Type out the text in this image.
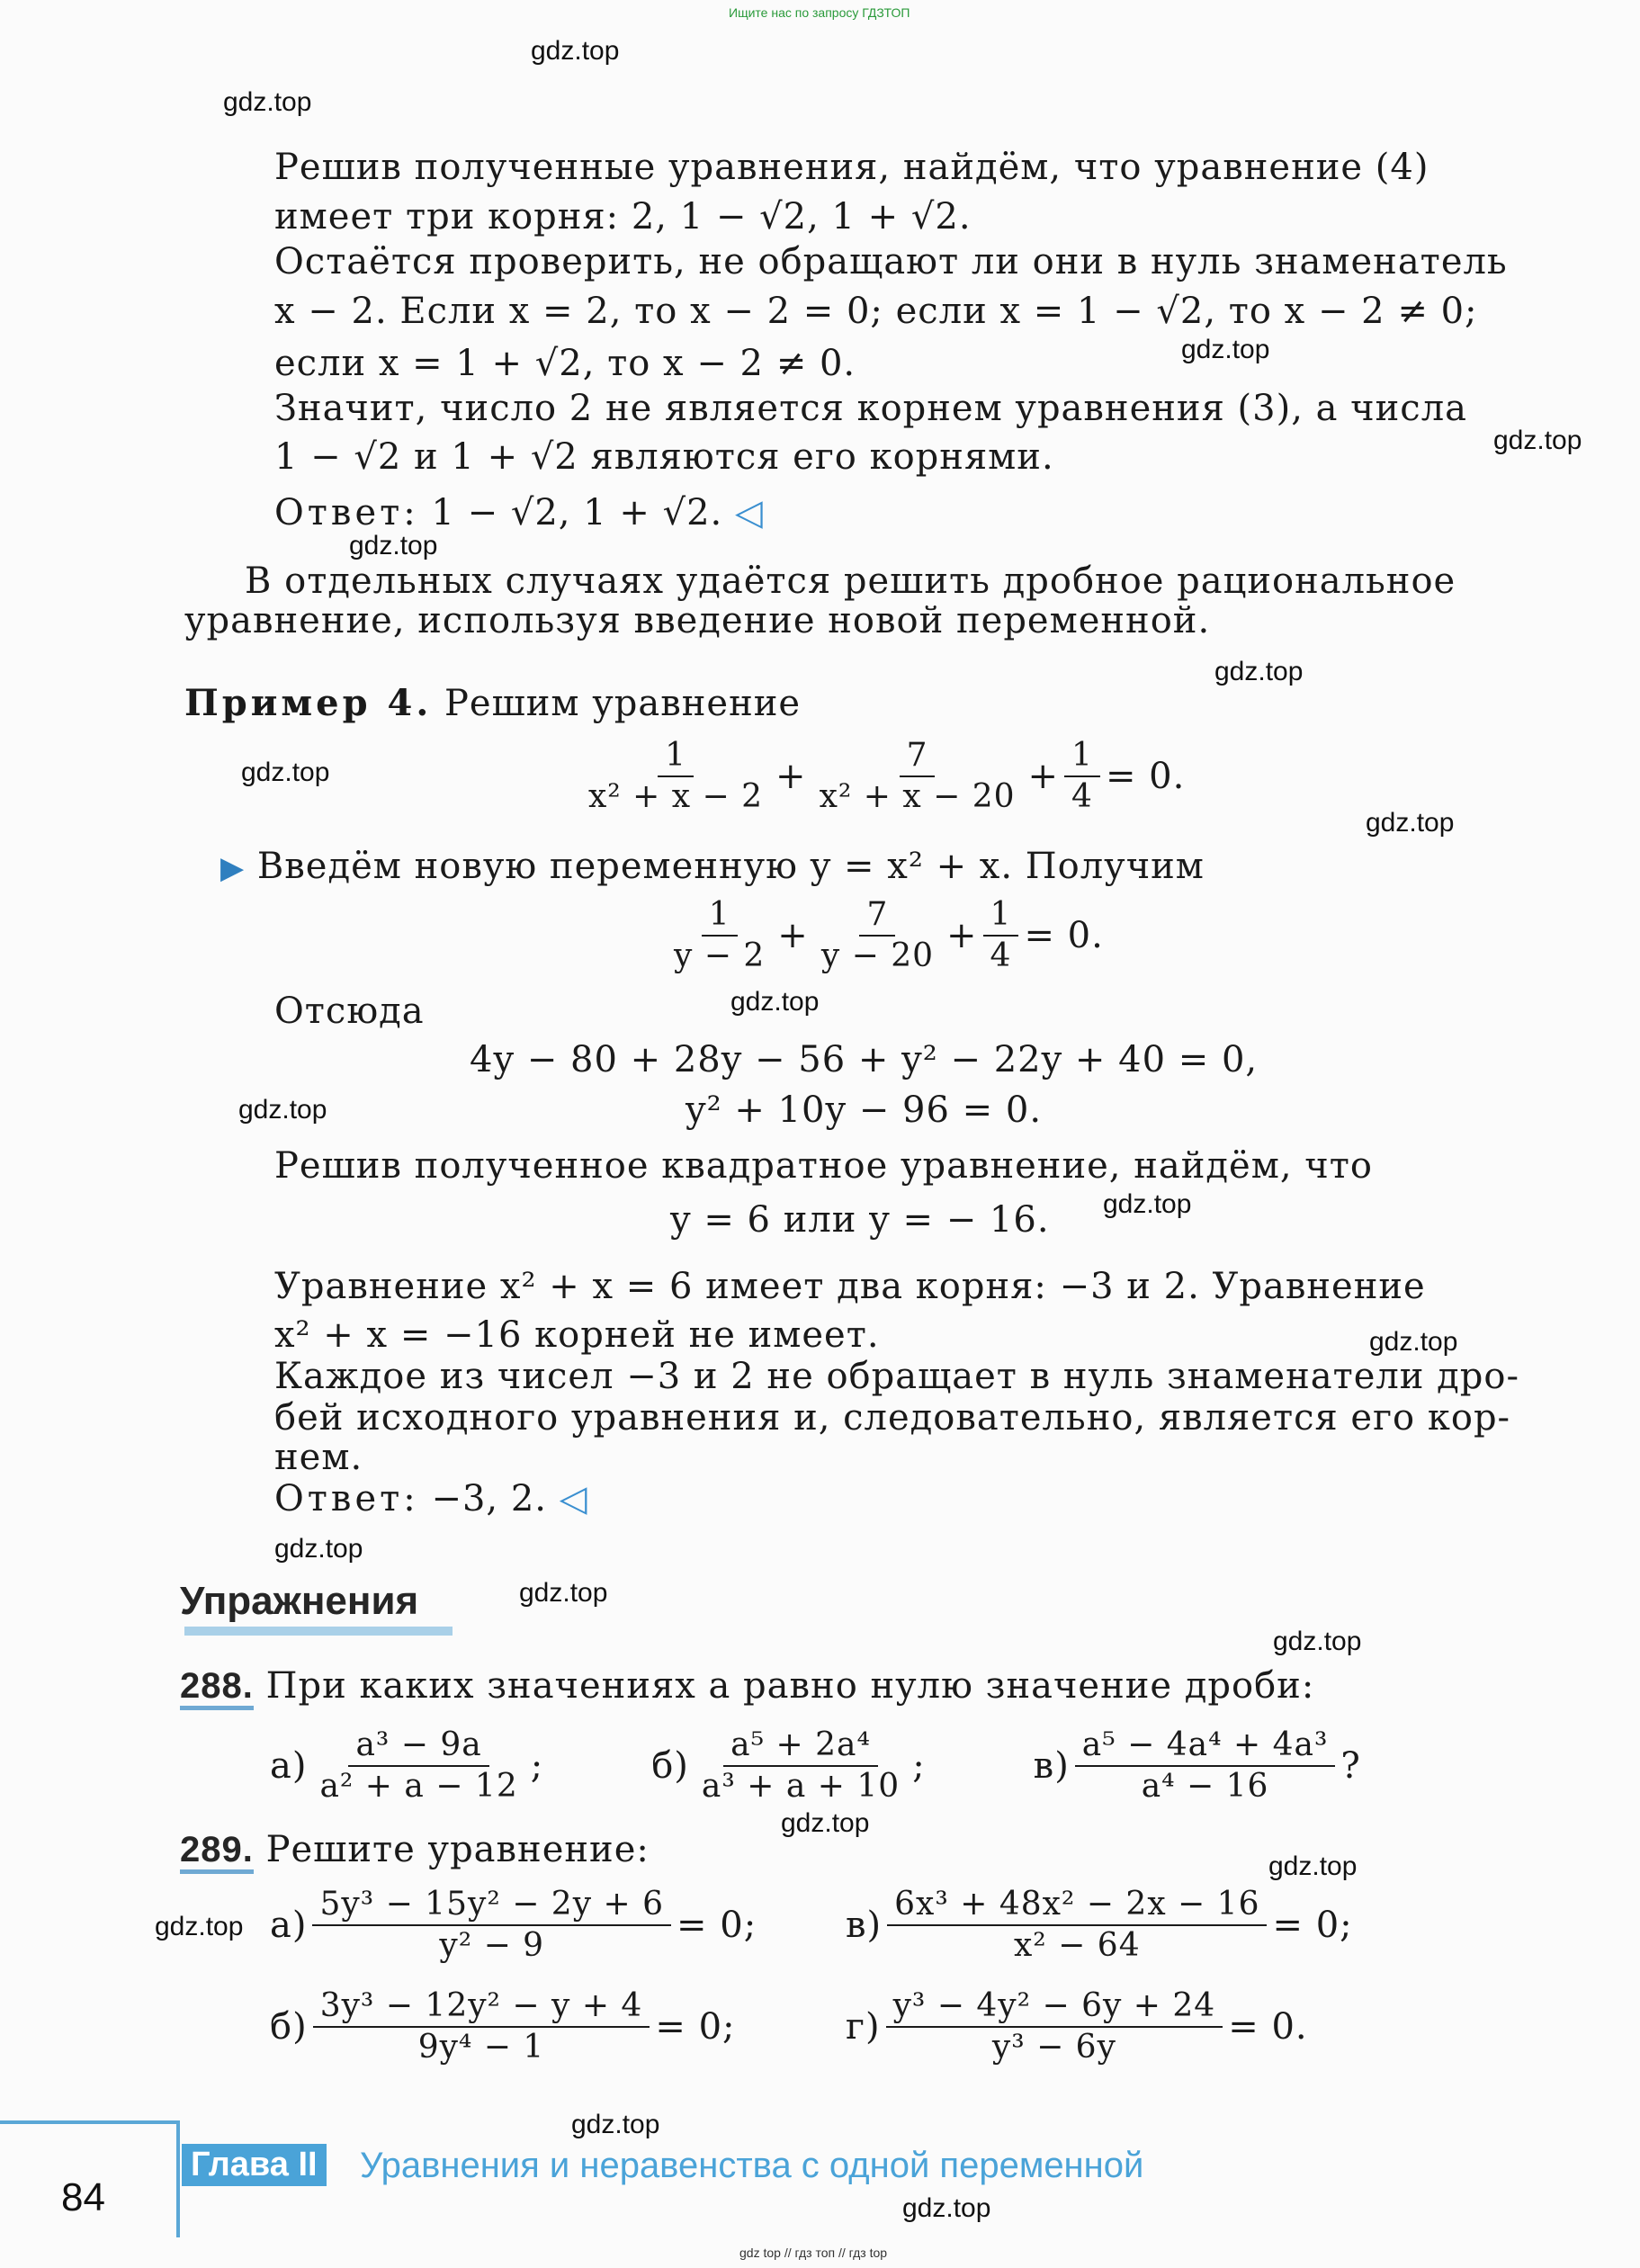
Ищите нас по запросу ГДЗТОП
gdz.top
gdz.top
gdz.top
gdz.top
gdz.top
gdz.top
gdz.top
gdz.top
gdz.top
gdz.top
gdz.top
gdz.top
gdz.top
gdz.top
gdz.top
gdz.top
gdz.top
gdz.top
gdz.top
gdz.top
Решив полученные уравнения, найдём, что уравнение (4)
имеет три корня: 2, 1 − √2, 1 + √2.
Остаётся проверить, не обращают ли они в нуль знаменатель
x − 2. Если x = 2, то x − 2 = 0; если x = 1 − √2, то x − 2 ≠ 0;
если x = 1 + √2, то x − 2 ≠ 0.
Значит, число 2 не является корнем уравнения (3), а числа
1 − √2 и 1 + √2 являются его корнями.
Ответ: 1 − √2, 1 + √2. ◁
В отдельных случаях удаётся решить дробное рациональное
уравнение, используя введение новой переменной.
Пример 4. Решим уравнение
$\frac{1}{\text{x² + x − 2}} + \frac{7}{\text{x² + x − 20}} + \frac{1}{4} = 0$.
▶ Введём новую переменную y = x² + x. Получим
$\frac{1}{y - 2} + \frac{7}{y - 20} + \frac{1}{4} = 0$.
Отсюда
4y − 80 + 28y − 56 + y² − 22y + 40 = 0,
y² + 10y − 96 = 0.
Решив полученное квадратное уравнение, найдём, что
y = 6 или y = − 16.
Уравнение x² + x = 6 имеет два корня: −3 и 2. Уравнение
x² + x = −16 корней не имеет.
Каждое из чисел −3 и 2 не обращает в нуль знаменатели дро-
бей исходного уравнения и, следовательно, является его кор-
нем.
Ответ: −3, 2. ◁
Упражнения
288. При каких значениях a равно нулю значение дроби:
$а) \frac{\text{a³ − 9a}}{\text{a² + a − 12}}$ ;	$б) \frac{\text{a⁵ + 2a⁴}}{\text{a³ + a + 10}}$ ;	$в) \frac{\text{a⁵ − 4a⁴ + 4a³}}{\text{a⁴ − 16}}$ ?
289. Решите уравнение:
$а) \frac{\text{5y³ − 15y² − 2y + 6}}{\text{y² − 9}} = 0$; $в) \frac{\text{6x³ + 48x² − 2x − 16}}{\text{x² − 64}} = 0$;
$б) \frac{\text{3y³ − 12y² − y + 4}}{\text{9y⁴ − 1}} = 0$;	$г) \frac{\text{y³ − 4y² − 6y + 24}}{\text{y³ − 6y}} = 0$.
84
Глава II Уравнения и неравенства с одной переменной
gdz top // гдз топ // гдз top
